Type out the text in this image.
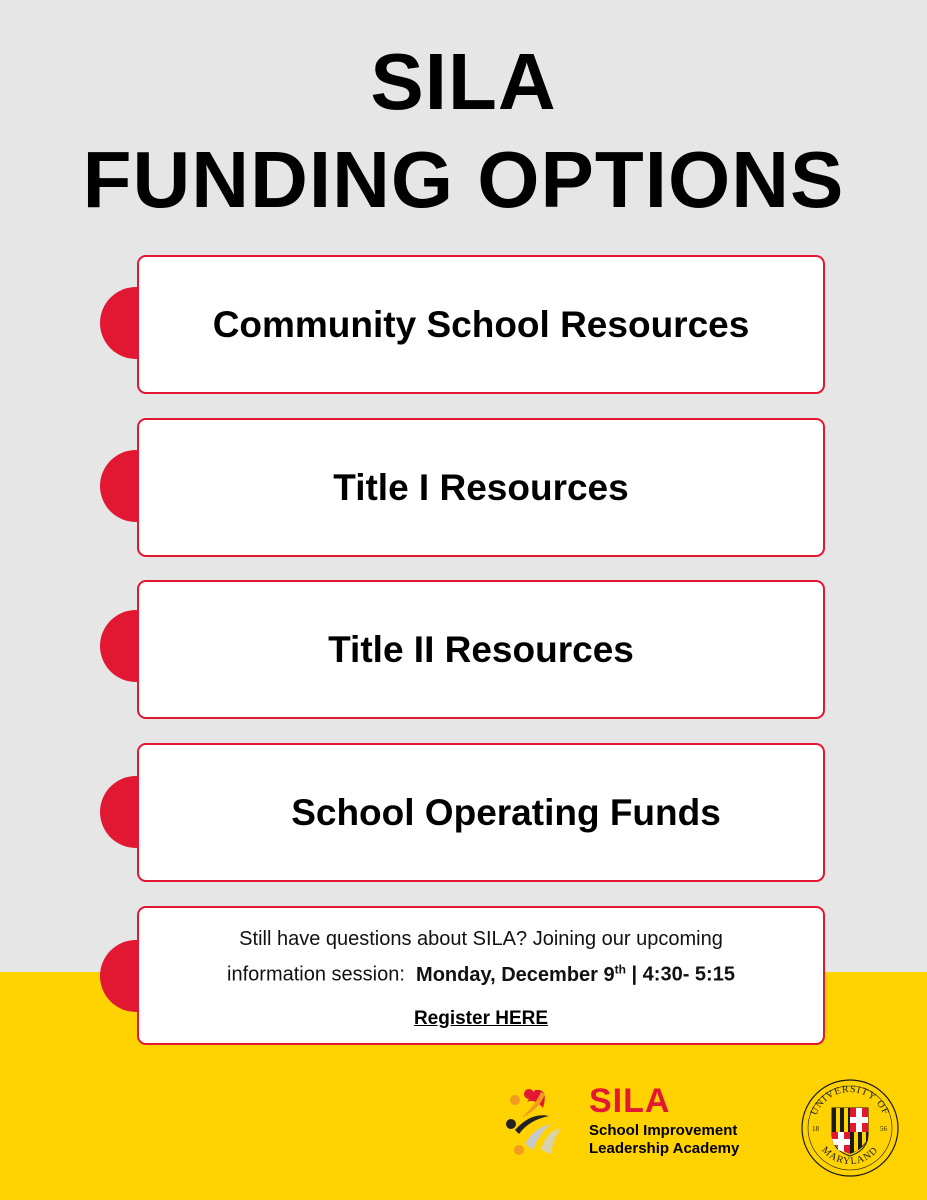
SILA
FUNDING OPTIONS
Community School Resources
Title I Resources
Title II Resources
School Operating Funds
Still have questions about SILA? Joining our upcoming
information session: Monday, December 9th | 4:30- 5:15
Register HERE
SILA
School Improvement
Leadership Academy
UNIVERSITY OF
MARYLAND
18	56
